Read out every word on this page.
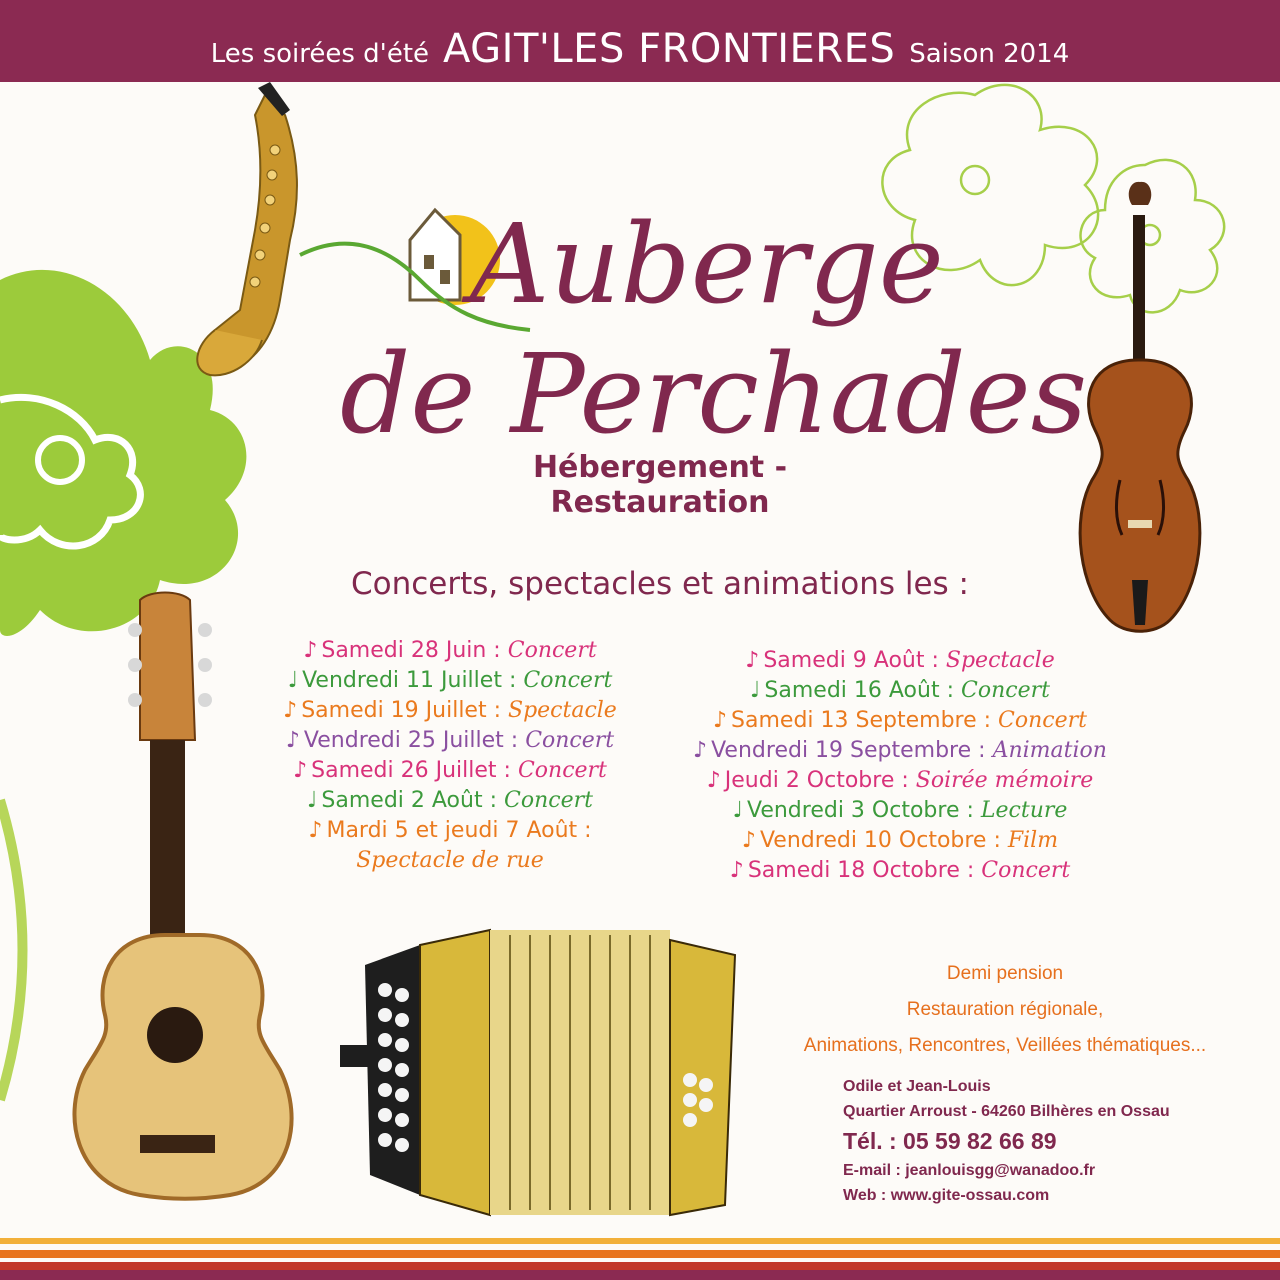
Les soirées d'été AGIT'LES FRONTIERES Saison 2014
Auberge
de Perchades
Hébergement - Restauration
Concerts, spectacles et animations les :
♪ Samedi 28 Juin : Concert
♩ Vendredi 11 Juillet : Concert
♪ Samedi 19 Juillet : Spectacle
♪ Vendredi 25 Juillet : Concert
♪ Samedi 26 Juillet : Concert
♩ Samedi 2 Août : Concert
♪ Mardi 5 et jeudi 7 Août :
Spectacle de rue
♪ Samedi 9 Août : Spectacle
♩ Samedi 16 Août : Concert
♪ Samedi 13 Septembre : Concert
♪ Vendredi 19 Septembre : Animation
♪ Jeudi 2 Octobre : Soirée mémoire
♩ Vendredi 3 Octobre : Lecture
♪ Vendredi 10 Octobre : Film
♪ Samedi 18 Octobre : Concert
Demi pension
Restauration régionale,
Animations, Rencontres, Veillées thématiques...
Odile et Jean-Louis
Quartier Arroust - 64260 Bilhères en Ossau
Tél. : 05 59 82 66 89
E-mail : jeanlouisgg@wanadoo.fr
Web : www.gite-ossau.com
